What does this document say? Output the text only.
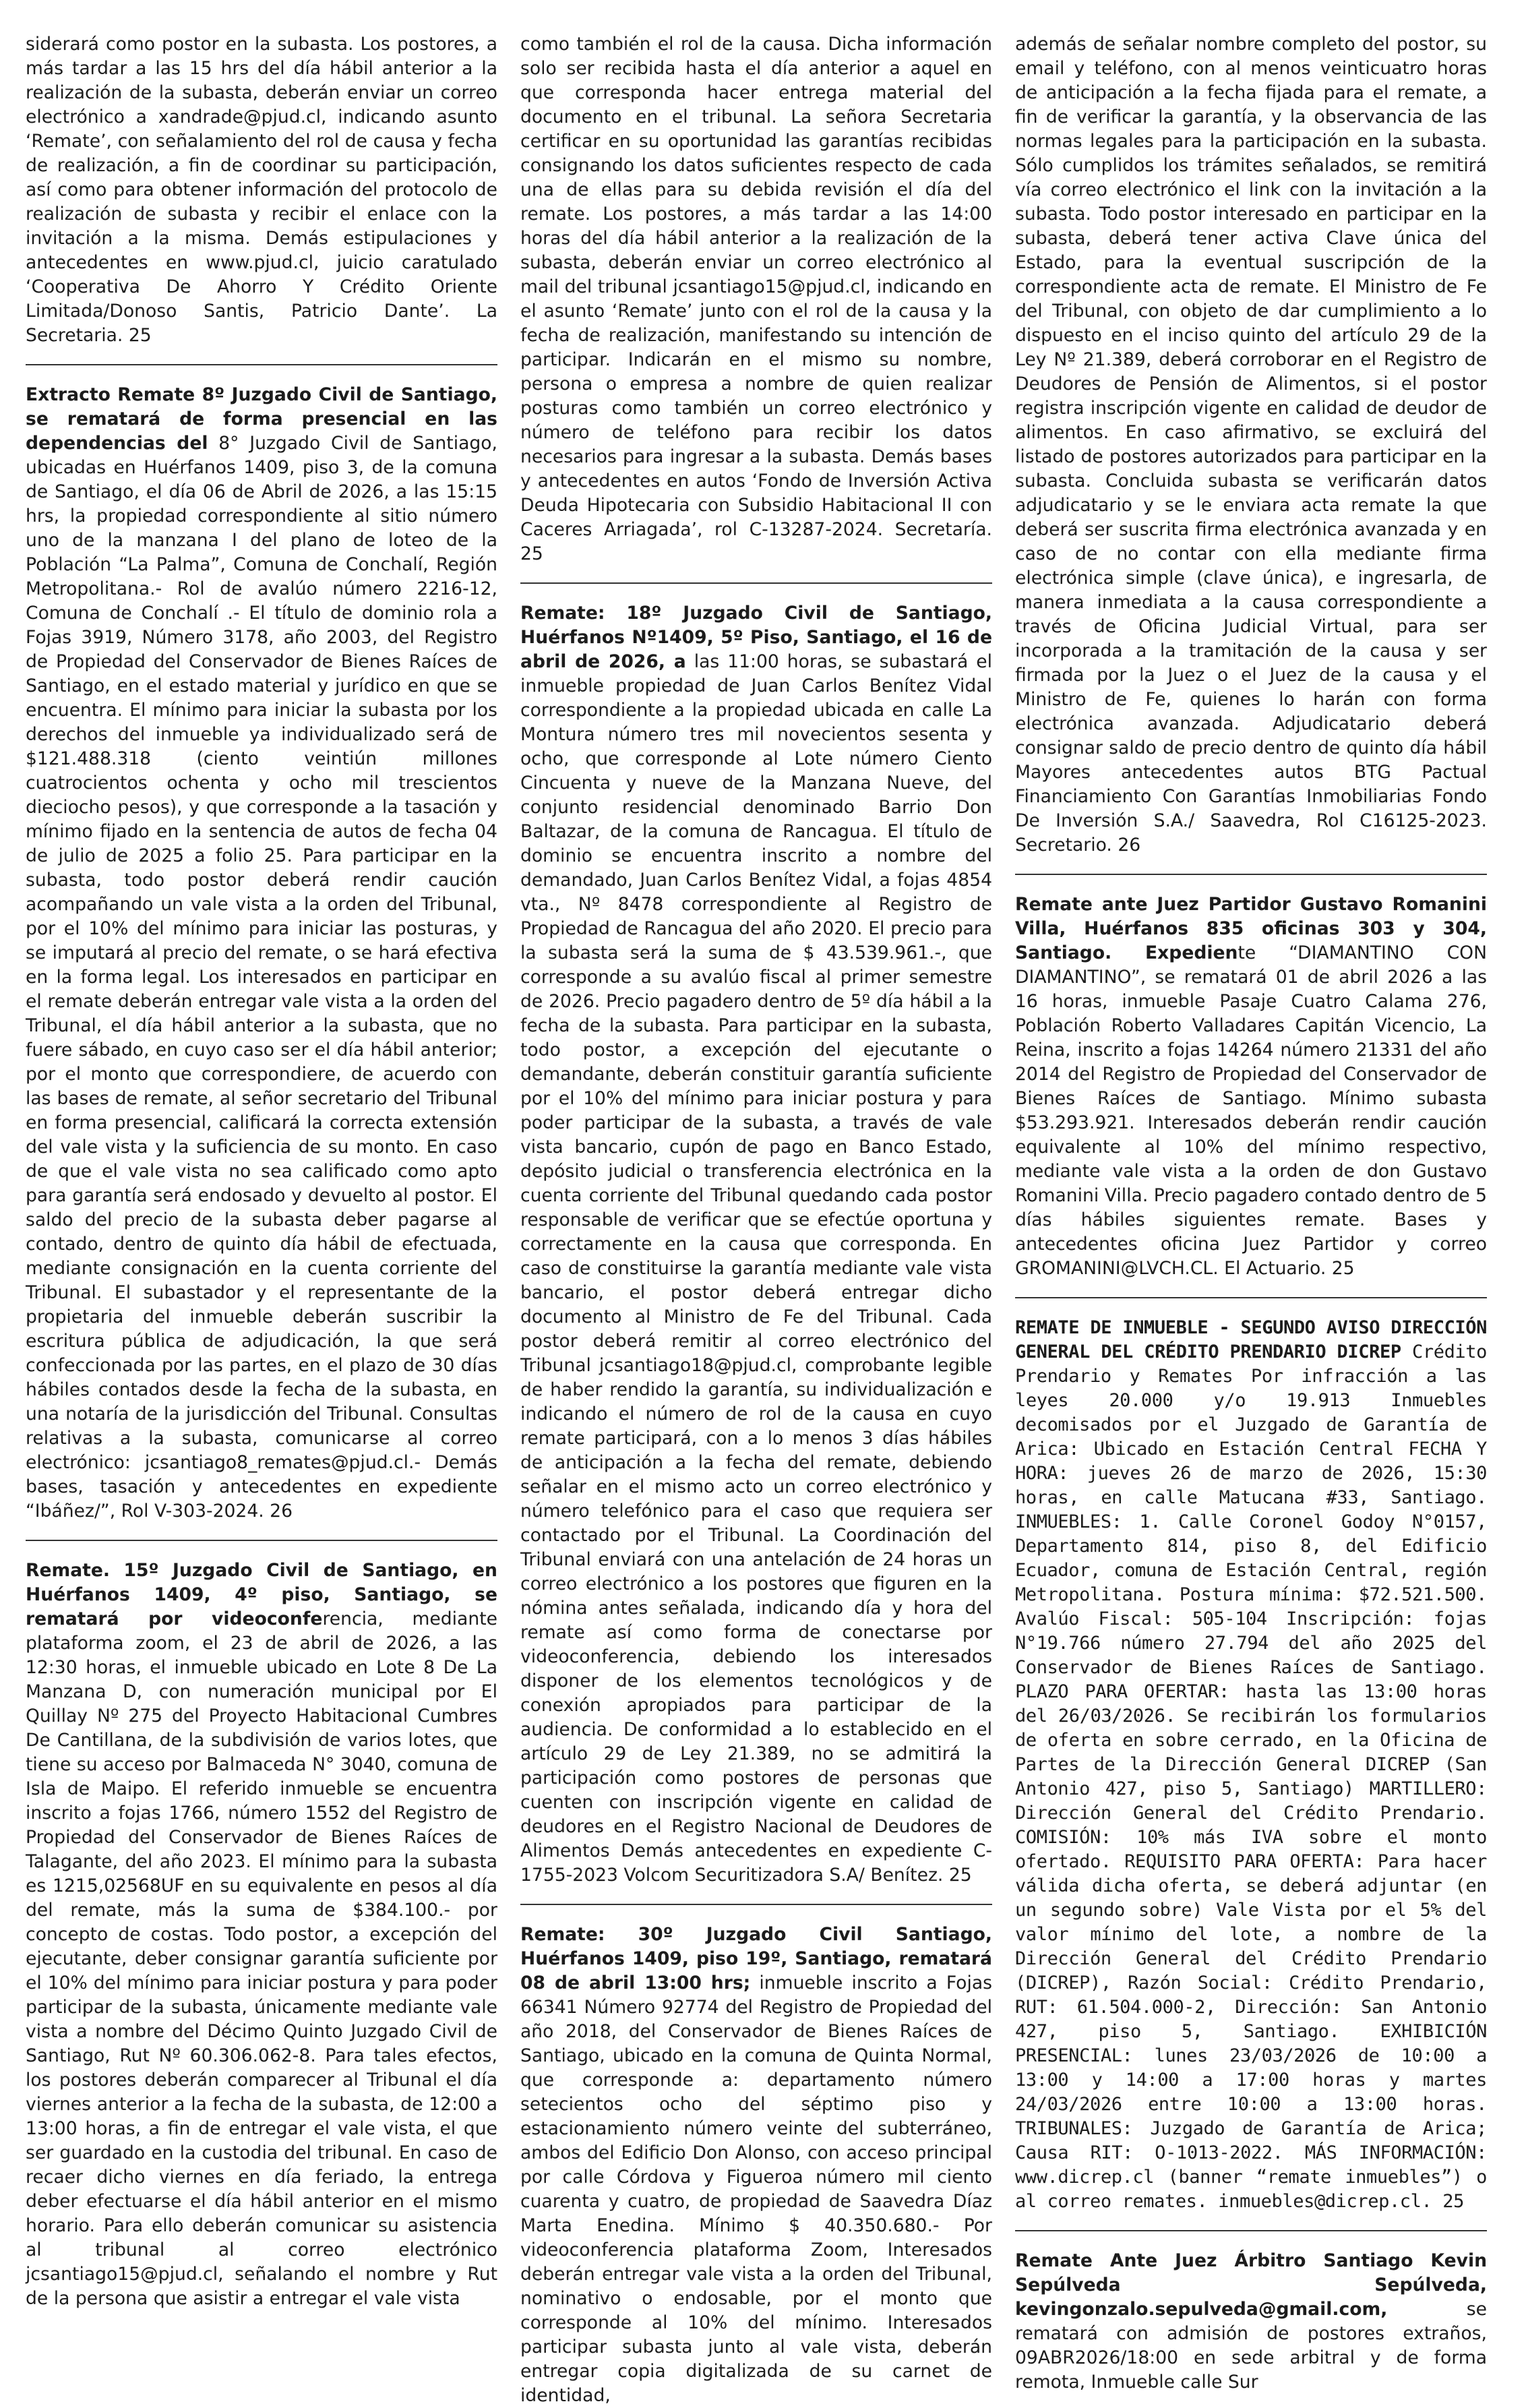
siderará como postor en la subasta. Los postores, a más tardar a las 15 hrs del día hábil anterior a la realización de la subasta, deberán enviar un correo electrónico a xandrade@pjud.cl, indicando asunto ‘Remate’, con señalamiento del rol de causa y fecha de realización, a fin de coordinar su participación, así como para obtener información del protocolo de realización de subasta y recibir el enlace con la invitación a la misma. Demás estipulaciones y antecedentes en www.pjud.cl, juicio caratulado ‘Cooperativa De Ahorro Y Crédito Oriente Limitada/Donoso Santis, Patricio Dante’. La Secretaria. 25

Extracto Remate 8º Juzgado Civil de Santiago, se rematará de forma presencial en las dependencias del 8° Juzgado Civil de Santiago, ubicadas en Huérfanos 1409, piso 3, de la comuna de Santiago, el día 06 de Abril de 2026, a las 15:15 hrs, la propiedad correspondiente al sitio número uno de la manzana I del plano de loteo de la Población “La Palma”, Comuna de Conchalí, Región Metropolitana.- Rol de avalúo número 2216-12, Comuna de Conchalí .- El título de dominio rola a Fojas 3919, Número 3178, año 2003, del Registro de Propiedad del Conservador de Bienes Raíces de Santiago, en el estado material y jurídico en que se encuentra. El mínimo para iniciar la subasta por los derechos del inmueble ya individualizado será de $121.488.318 (ciento veintiún millones cuatrocientos ochenta y ocho mil trescientos dieciocho pesos), y que corresponde a la tasación y mínimo fijado en la sentencia de autos de fecha 04 de julio de 2025 a folio 25. Para participar en la subasta, todo postor deberá rendir caución acompañando un vale vista a la orden del Tribunal, por el 10% del mínimo para iniciar las posturas, y se imputará al precio del remate, o se hará efectiva en la forma legal. Los interesados en participar en el remate deberán entregar vale vista a la orden del Tribunal, el día hábil anterior a la subasta, que no fuere sábado, en cuyo caso ser el día hábil anterior; por el monto que correspondiere, de acuerdo con las bases de remate, al señor secretario del Tribunal en forma presencial, calificará la correcta extensión del vale vista y la suficiencia de su monto. En caso de que el vale vista no sea calificado como apto para garantía será endosado y devuelto al postor. El saldo del precio de la subasta deber pagarse al contado, dentro de quinto día hábil de efectuada, mediante consignación en la cuenta corriente del Tribunal. El subastador y el representante de la propietaria del inmueble deberán suscribir la escritura pública de adjudicación, la que será confeccionada por las partes, en el plazo de 30 días hábiles contados desde la fecha de la subasta, en una notaría de la jurisdicción del Tribunal. Consultas relativas a la subasta, comunicarse al correo electrónico: jcsantiago8_remates@pjud.cl.- Demás bases, tasación y antecedentes en expediente “Ibáñez/”, Rol V-303-2024. 26

Remate. 15º Juzgado Civil de Santiago, en Huérfanos 1409, 4º piso, Santiago, se rematará por videoconferencia, mediante plataforma zoom, el 23 de abril de 2026, a las 12:30 horas, el inmueble ubicado en Lote 8 De La Manzana D, con numeración municipal por El Quillay Nº 275 del Proyecto Habitacional Cumbres De Cantillana, de la subdivisión de varios lotes, que tiene su acceso por Balmaceda N° 3040, comuna de Isla de Maipo. El referido inmueble se encuentra inscrito a fojas 1766, número 1552 del Registro de Propiedad del Conservador de Bienes Raíces de Talagante, del año 2023. El mínimo para la subasta es 1215,02568UF en su equivalente en pesos al día del remate, más la suma de $384.100.- por concepto de costas. Todo postor, a excepción del ejecutante, deber consignar garantía suficiente por el 10% del mínimo para iniciar postura y para poder participar de la subasta, únicamente mediante vale vista a nombre del Décimo Quinto Juzgado Civil de Santiago, Rut Nº 60.306.062-8. Para tales efectos, los postores deberán comparecer al Tribunal el día viernes anterior a la fecha de la subasta, de 12:00 a 13:00 horas, a fin de entregar el vale vista, el que ser guardado en la custodia del tribunal. En caso de recaer dicho viernes en día feriado, la entrega deber efectuarse el día hábil anterior en el mismo horario. Para ello deberán comunicar su asistencia al tribunal al correo electrónico jcsantiago15@pjud.cl, señalando el nombre y Rut de la persona que asistir a entregar el vale vista

como también el rol de la causa. Dicha información solo ser recibida hasta el día anterior a aquel en que corresponda hacer entrega material del documento en el tribunal. La señora Secretaria certificar en su oportunidad las garantías recibidas consignando los datos suficientes respecto de cada una de ellas para su debida revisión el día del remate. Los postores, a más tardar a las 14:00 horas del día hábil anterior a la realización de la subasta, deberán enviar un correo electrónico al mail del tribunal jcsantiago15@pjud.cl, indicando en el asunto ‘Remate’ junto con el rol de la causa y la fecha de realización, manifestando su intención de participar. Indicarán en el mismo su nombre, persona o empresa a nombre de quien realizar posturas como también un correo electrónico y número de teléfono para recibir los datos necesarios para ingresar a la subasta. Demás bases y antecedentes en autos ‘Fondo de Inversión Activa Deuda Hipotecaria con Subsidio Habitacional II con Caceres Arriagada’, rol C-13287-2024. Secretaría. 25

Remate: 18º Juzgado Civil de Santiago, Huérfanos Nº1409, 5º Piso, Santiago, el 16 de abril de 2026, a las 11:00 horas, se subastará el inmueble propiedad de Juan Carlos Benítez Vidal correspondiente a la propiedad ubicada en calle La Montura número tres mil novecientos sesenta y ocho, que corresponde al Lote número Ciento Cincuenta y nueve de la Manzana Nueve, del conjunto residencial denominado Barrio Don Baltazar, de la comuna de Rancagua. El título de dominio se encuentra inscrito a nombre del demandado, Juan Carlos Benítez Vidal, a fojas 4854 vta., Nº 8478 correspondiente al Registro de Propiedad de Rancagua del año 2020. El precio para la subasta será la suma de $ 43.539.961.-, que corresponde a su avalúo fiscal al primer semestre de 2026. Precio pagadero dentro de 5º día hábil a la fecha de la subasta. Para participar en la subasta, todo postor, a excepción del ejecutante o demandante, deberán constituir garantía suficiente por el 10% del mínimo para iniciar postura y para poder participar de la subasta, a través de vale vista bancario, cupón de pago en Banco Estado, depósito judicial o transferencia electrónica en la cuenta corriente del Tribunal quedando cada postor responsable de verificar que se efectúe oportuna y correctamente en la causa que corresponda. En caso de constituirse la garantía mediante vale vista bancario, el postor deberá entregar dicho documento al Ministro de Fe del Tribunal. Cada postor deberá remitir al correo electrónico del Tribunal jcsantiago18@pjud.cl, comprobante legible de haber rendido la garantía, su individualización e indicando el número de rol de la causa en cuyo remate participará, con a lo menos 3 días hábiles de anticipación a la fecha del remate, debiendo señalar en el mismo acto un correo electrónico y número telefónico para el caso que requiera ser contactado por el Tribunal. La Coordinación del Tribunal enviará con una antelación de 24 horas un correo electrónico a los postores que figuren en la nómina antes señalada, indicando día y hora del remate así como forma de conectarse por videoconferencia, debiendo los interesados disponer de los elementos tecnológicos y de conexión apropiados para participar de la audiencia. De conformidad a lo establecido en el artículo 29 de Ley 21.389, no se admitirá la participación como postores de personas que cuenten con inscripción vigente en calidad de deudores en el Registro Nacional de Deudores de Alimentos Demás antecedentes en expediente C-1755-2023 Volcom Securitizadora S.A/ Benítez. 25

Remate: 30º Juzgado Civil Santiago, Huérfanos 1409, piso 19º, Santiago, rematará 08 de abril 13:00 hrs; inmueble inscrito a Fojas 66341 Número 92774 del Registro de Propiedad del año 2018, del Conservador de Bienes Raíces de Santiago, ubicado en la comuna de Quinta Normal, que corresponde a: departamento número setecientos ocho del séptimo piso y estacionamiento número veinte del subterráneo, ambos del Edificio Don Alonso, con acceso principal por calle Córdova y Figueroa número mil ciento cuarenta y cuatro, de propiedad de Saavedra Díaz Marta Enedina. Mínimo $ 40.350.680.- Por videoconferencia plataforma Zoom, Interesados deberán entregar vale vista a la orden del Tribunal, nominativo o endosable, por el monto que corresponde al 10% del mínimo. Interesados participar subasta junto al vale vista, deberán entregar copia digitalizada de su carnet de identidad,

además de señalar nombre completo del postor, su email y teléfono, con al menos veinticuatro horas de anticipación a la fecha fijada para el remate, a fin de verificar la garantía, y la observancia de las normas legales para la participación en la subasta. Sólo cumplidos los trámites señalados, se remitirá vía correo electrónico el link con la invitación a la subasta. Todo postor interesado en participar en la subasta, deberá tener activa Clave única del Estado, para la eventual suscripción de la correspondiente acta de remate. El Ministro de Fe del Tribunal, con objeto de dar cumplimiento a lo dispuesto en el inciso quinto del artículo 29 de la Ley Nº 21.389, deberá corroborar en el Registro de Deudores de Pensión de Alimentos, si el postor registra inscripción vigente en calidad de deudor de alimentos. En caso afirmativo, se excluirá del listado de postores autorizados para participar en la subasta. Concluida subasta se verificarán datos adjudicatario y se le enviara acta remate la que deberá ser suscrita firma electrónica avanzada y en caso de no contar con ella mediante firma electrónica simple (clave única), e ingresarla, de manera inmediata a la causa correspondiente a través de Oficina Judicial Virtual, para ser incorporada a la tramitación de la causa y ser firmada por la Juez o el Juez de la causa y el Ministro de Fe, quienes lo harán con forma electrónica avanzada. Adjudicatario deberá consignar saldo de precio dentro de quinto día hábil Mayores antecedentes autos BTG Pactual Financiamiento Con Garantías Inmobiliarias Fondo De Inversión S.A./ Saavedra, Rol C16125-2023. Secretario. 26

Remate ante Juez Partidor Gustavo Romanini Villa, Huérfanos 835 oficinas 303 y 304, Santiago. Expediente “DIAMANTINO CON DIAMANTINO”, se rematará 01 de abril 2026 a las 16 horas, inmueble Pasaje Cuatro Calama 276, Población Roberto Valladares Capitán Vicencio, La Reina, inscrito a fojas 14264 número 21331 del año 2014 del Registro de Propiedad del Conservador de Bienes Raíces de Santiago. Mínimo subasta $53.293.921. Interesados deberán rendir caución equivalente al 10% del mínimo respectivo, mediante vale vista a la orden de don Gustavo Romanini Villa. Precio pagadero contado dentro de 5 días hábiles siguientes remate. Bases y antecedentes oficina Juez Partidor y correo GROMANINI@LVCH.CL. El Actuario. 25

REMATE DE INMUEBLE - SEGUNDO AVISO DIRECCIÓN GENERAL DEL CRÉDITO PRENDARIO DICREP Crédito Prendario y Remates Por infracción a las leyes 20.000 y/o 19.913 Inmuebles decomisados por el Juzgado de Garantía de Arica: Ubicado en Estación Central FECHA Y HORA: jueves 26 de marzo de 2026, 15:30 horas, en calle Matucana #33, Santiago. INMUEBLES: 1. Calle Coronel Godoy N°0157, Departamento 814, piso 8, del Edificio Ecuador, comuna de Estación Central, región Metropolitana. Postura mínima: $72.521.500. Avalúo Fiscal: 505-104 Inscripción: fojas N°19.766 número 27.794 del año 2025 del Conservador de Bienes Raíces de Santiago. PLAZO PARA OFERTAR: hasta las 13:00 horas del 26/03/2026. Se recibirán los formularios de oferta en sobre cerrado, en la Oficina de Partes de la Dirección General DICREP (San Antonio 427, piso 5, Santiago) MARTILLERO: Dirección General del Crédito Prendario. COMISIÓN: 10% más IVA sobre el monto ofertado. REQUISITO PARA OFERTA: Para hacer válida dicha oferta, se deberá adjuntar (en un segundo sobre) Vale Vista por el 5% del valor mínimo del lote, a nombre de la Dirección General del Crédito Prendario (DICREP), Razón Social: Crédito Prendario, RUT: 61.504.000-2, Dirección: San Antonio 427, piso 5, Santiago. EXHIBICIÓN PRESENCIAL: lunes 23/03/2026 de 10:00 a 13:00 y 14:00 a 17:00 horas y martes 24/03/2026 entre 10:00 a 13:00 horas. TRIBUNALES: Juzgado de Garantía de Arica; Causa RIT: O-1013-2022. MÁS INFORMACIÓN: www.dicrep.cl (banner “remate inmuebles”) o al correo remates. inmuebles@dicrep.cl. 25

Remate Ante Juez Árbitro Santiago Kevin Sepúlveda Sepúlveda, kevingonzalo.sepulveda@gmail.com, se rematará con admisión de postores extraños, 09ABR2026/18:00 en sede arbitral y de forma remota, Inmueble calle Sur
